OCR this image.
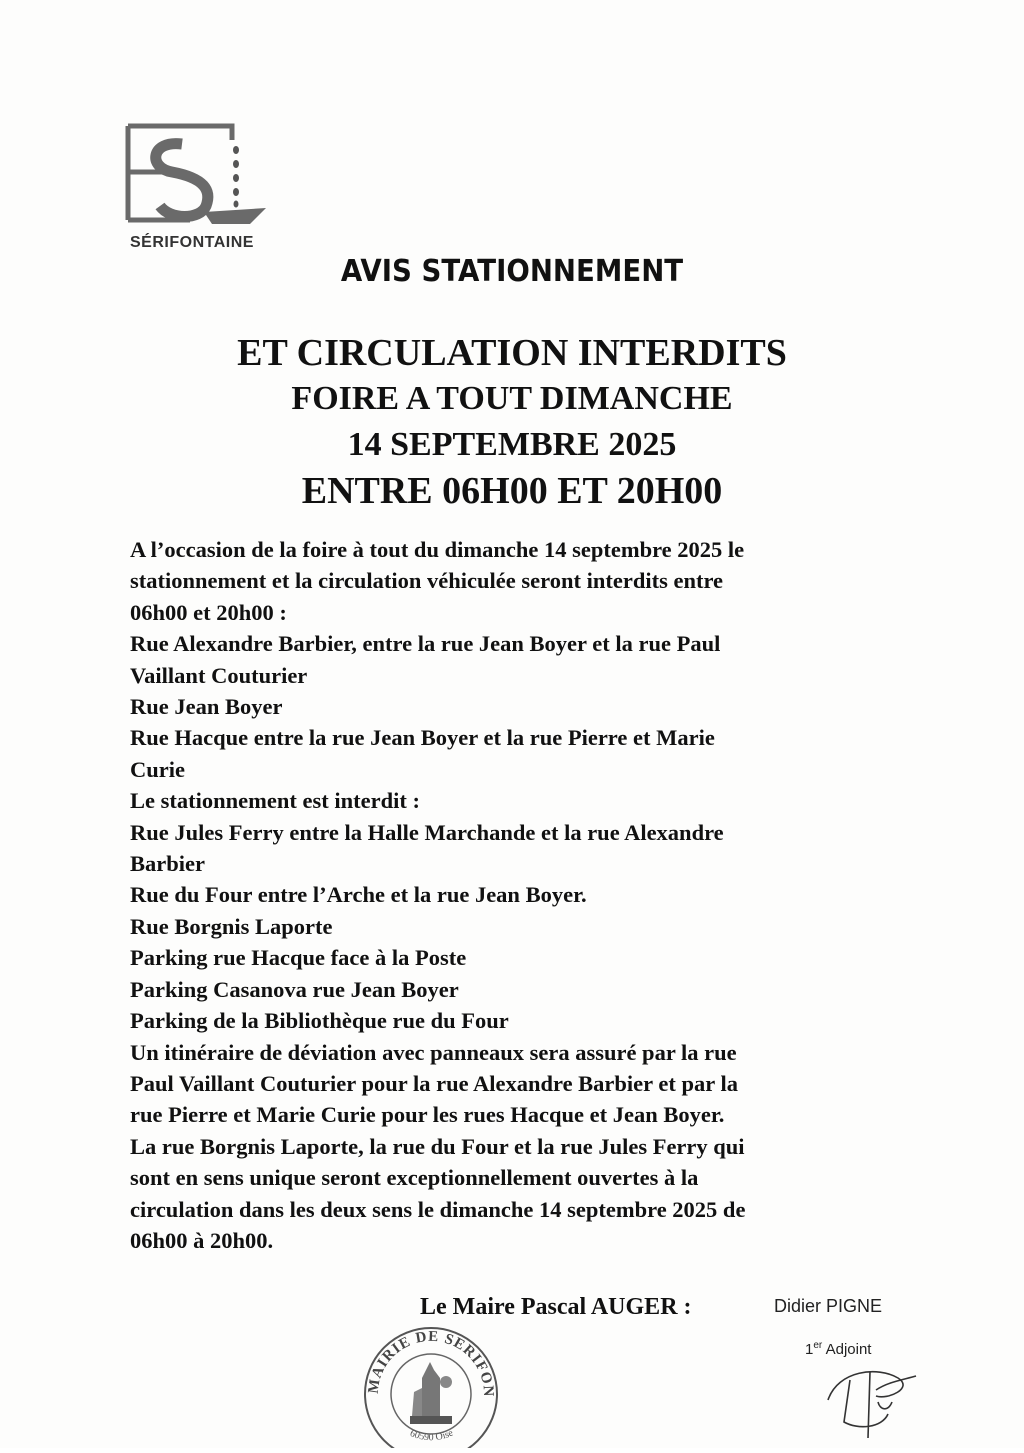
SÉRIFONTAINE
AVIS STATIONNEMENT
ET CIRCULATION INTERDITS
FOIRE A TOUT DIMANCHE
14 SEPTEMBRE 2025
ENTRE 06H00 ET 20H00
A l’occasion de la foire à tout du dimanche 14 septembre 2025 le
stationnement et la circulation véhiculée seront interdits entre
06h00 et 20h00 :
Rue Alexandre Barbier, entre la rue Jean Boyer et la rue Paul
Vaillant Couturier
Rue Jean Boyer
Rue Hacque entre la rue Jean Boyer et la rue Pierre et Marie
Curie
Le stationnement est interdit :
Rue Jules Ferry entre la Halle Marchande et la rue Alexandre
Barbier
Rue du Four entre l’Arche et la rue Jean Boyer.
Rue Borgnis Laporte
Parking rue Hacque face à la Poste
Parking Casanova rue Jean Boyer
Parking de la Bibliothèque rue du Four
Un itinéraire de déviation avec panneaux sera assuré par la rue
Paul Vaillant Couturier pour la rue Alexandre Barbier et par la
rue Pierre et Marie Curie pour les rues Hacque et Jean Boyer.
La rue Borgnis Laporte, la rue du Four et la rue Jules Ferry qui
sont en sens unique seront exceptionnellement ouvertes à la
circulation dans les deux sens le dimanche 14 septembre 2025 de
06h00 à 20h00.
Le Maire Pascal AUGER :	Didier PIGNE
1er Adjoint
MAIRIE DE SERIFON
60590 Oise
